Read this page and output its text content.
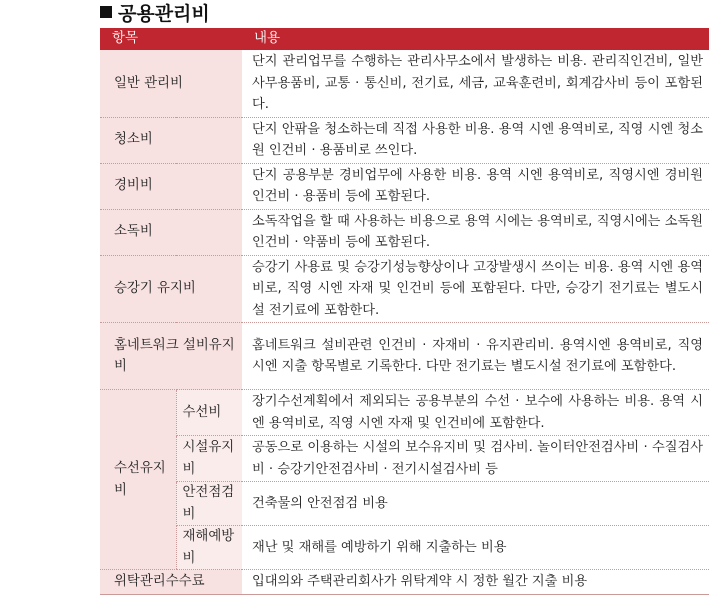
공용관리비
항목		내용
일반 관리비		단지 관리업무를 수행하는 관리사무소에서 발생하는 비용. 관리직인건비, 일반사무용품비, 교통 · 통신비, 전기료, 세금, 교육훈련비, 회계감사비 등이 포함된다.
청소비		단지 안팎을 청소하는데 직접 사용한 비용. 용역 시엔 용역비로, 직영 시엔 청소원 인건비 · 용품비로 쓰인다.
경비비		단지 공용부분 경비업무에 사용한 비용. 용역 시엔 용역비로, 직영시엔 경비원인건비 · 용품비 등에 포함된다.
소독비		소독작업을 할 때 사용하는 비용으로 용역 시에는 용역비로, 직영시에는 소독원인건비 · 약품비 등에 포함된다.
승강기 유지비		승강기 사용료 및 승강기성능향상이나 고장발생시 쓰이는 비용. 용역 시엔 용역비로, 직영 시엔 자재 및 인건비 등에 포함된다. 다만, 승강기 전기료는 별도시설 전기료에 포함한다.
홈네트워크 설비유지비		홈네트워크 설비관련 인건비 · 자재비 · 유지관리비. 용역시엔 용역비로, 직영 시엔 지출 항목별로 기록한다. 다만 전기료는 별도시설 전기료에 포함한다.
수선유지비	수선비	장기수선계획에서 제외되는 공용부분의 수선 · 보수에 사용하는 비용. 용역 시엔 용역비로, 직영 시엔 자재 및 인건비에 포함한다.
	시설유지비	공동으로 이용하는 시설의 보수유지비 및 검사비. 놀이터안전검사비 · 수질검사비 · 승강기안전검사비 · 전기시설검사비 등
	안전점검비	건축물의 안전점검 비용
	재해예방비	재난 및 재해를 예방하기 위해 지출하는 비용
위탁관리수수료		입대의와 주택관리회사가 위탁계약 시 정한 월간 지출 비용
